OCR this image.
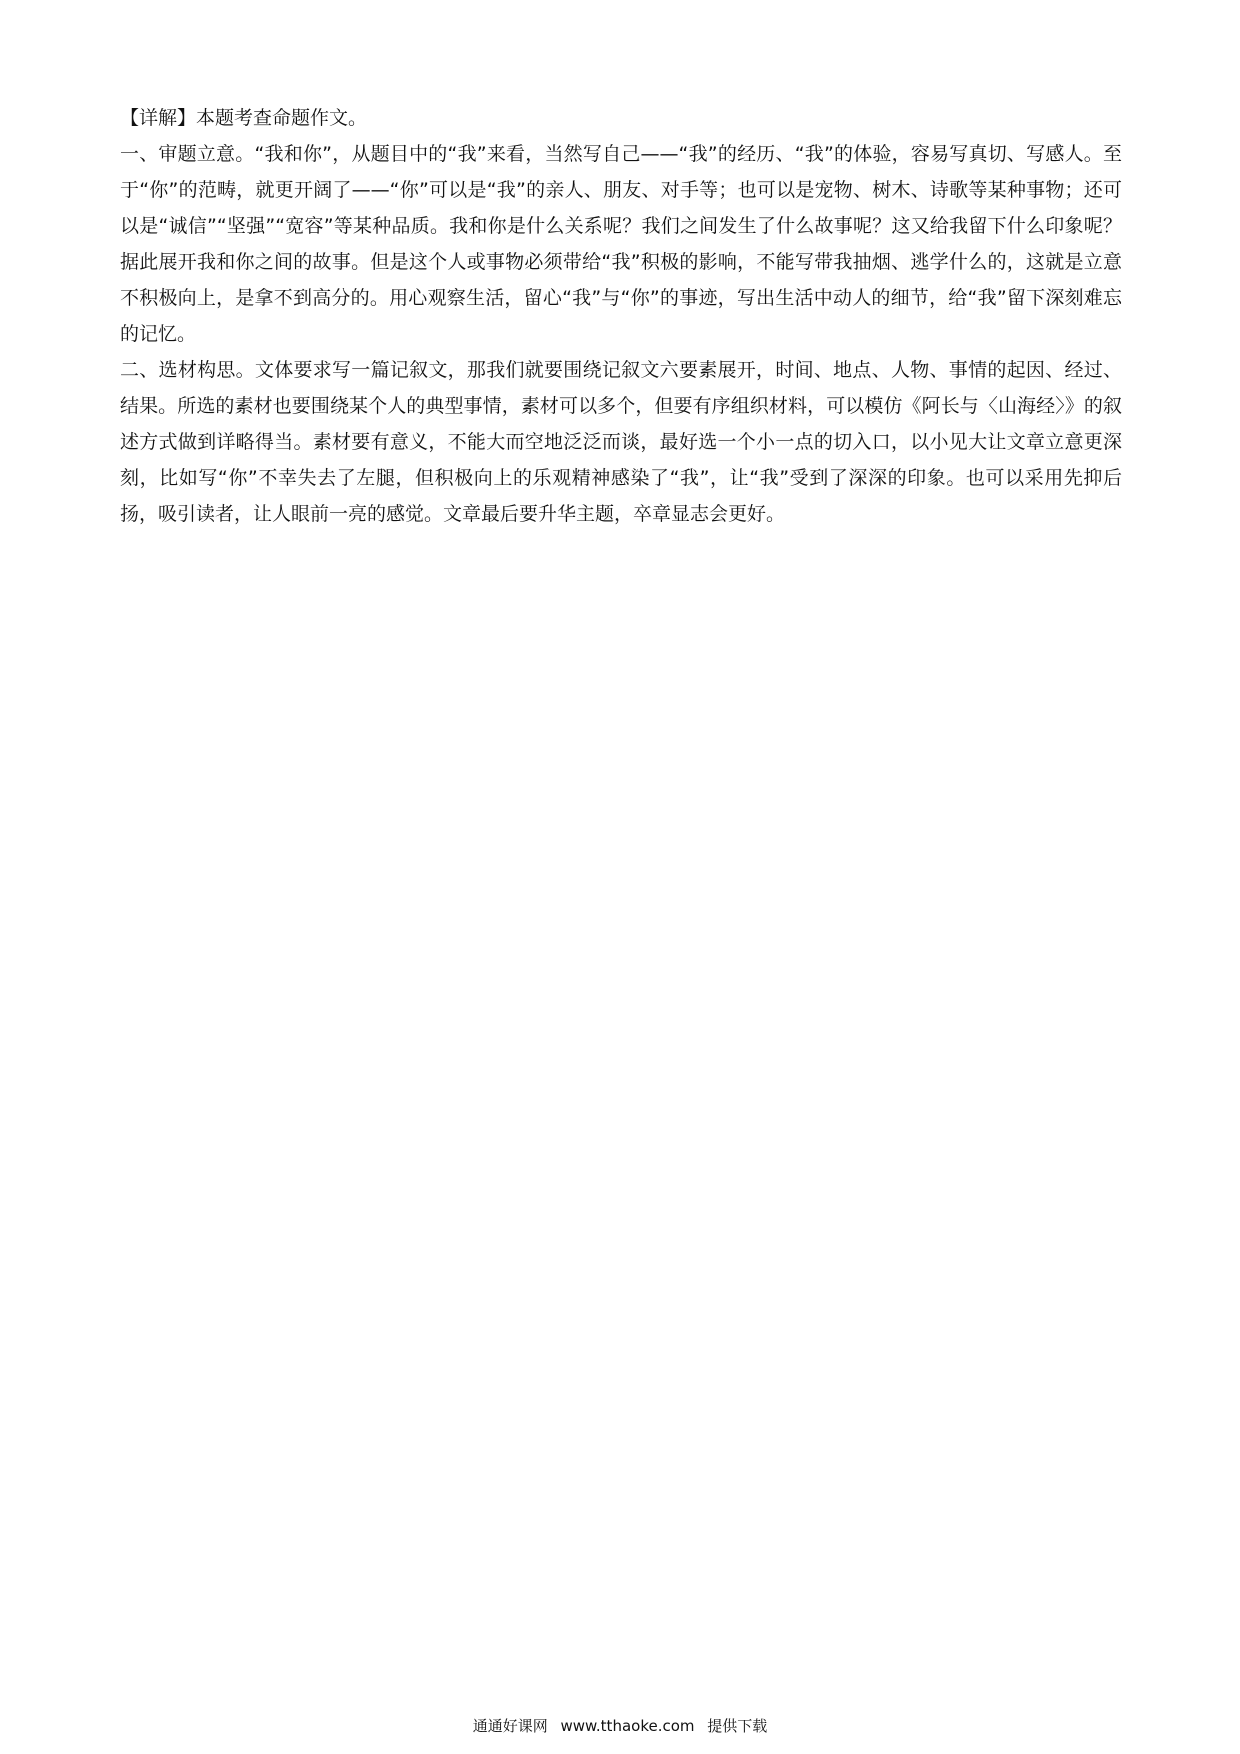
【详解】本题考查命题作文。

一、审题立意。“我和你”，从题目中的“我”来看，当然写自己——“我”的经历、“我”的体验，容易写真切、写感人。至于“你”的范畴，就更开阔了——“你”可以是“我”的亲人、朋友、对手等；也可以是宠物、树木、诗歌等某种事物；还可以是“诚信”“坚强”“宽容”等某种品质。我和你是什么关系呢？我们之间发生了什么故事呢？这又给我留下什么印象呢？据此展开我和你之间的故事。但是这个人或事物必须带给“我”积极的影响，不能写带我抽烟、逃学什么的，这就是立意不积极向上，是拿不到高分的。用心观察生活，留心“我”与“你”的事迹，写出生活中动人的细节，给“我”留下深刻难忘的记忆。

二、选材构思。文体要求写一篇记叙文，那我们就要围绕记叙文六要素展开，时间、地点、人物、事情的起因、经过、结果。所选的素材也要围绕某个人的典型事情，素材可以多个，但要有序组织材料，可以模仿《阿长与〈山海经〉》的叙述方式做到详略得当。素材要有意义，不能大而空地泛泛而谈，最好选一个小一点的切入口，以小见大让文章立意更深刻，比如写“你”不幸失去了左腿，但积极向上的乐观精神感染了“我”，让“我”受到了深深的印象。也可以采用先抑后扬，吸引读者，让人眼前一亮的感觉。文章最后要升华主题，卒章显志会更好。

通通好课网 www.tthaoke.com 提供下载
